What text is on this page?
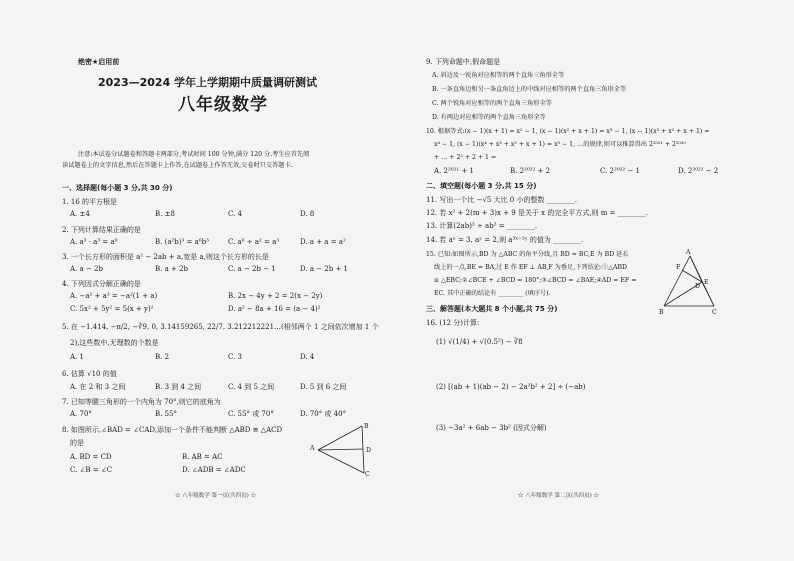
绝密★启用前
2023—2024 学年上学期期中质量调研测试
八年级数学
注意:本试卷分试题卷和答题卡两部分,考试时间 100 分钟,满分 120 分.考生应首先阅
读试题卷上的文字信息,然后在答题卡上作答,在试题卷上作答无效,交卷时只交答题卡.
一、选择题(每小题 3 分,共 30 分)
1. 16 的平方根是
A. ±4	B. ±8	C. 4	D. 8
2. 下列计算结果正确的是
A. a³ · a³ = a⁹	B. (a²b)³ = a⁶b³	C. a⁶ ÷ a² = a³	D. a + a = a²
3. 一个长方形的面积是 a² − 2ab + a,宽是 a,则这个长方形的长是
A. a − 2b	B. a + 2b	C. a − 2b − 1	D. a − 2b + 1
4. 下列因式分解正确的是
A. −a² + a³ = −a²(1 + a)	B. 2x − 4y + 2 = 2(x − 2y)
C. 5x² + 5y² = 5(x + y)²	D. a² − 8a + 16 = (a − 4)²
5. 在 −1.414, −π/2, −∛9, 0, 3.14159265, 22/7, 3.212212221…(相邻两个 1 之间依次增加 1 个
2),这些数中,无理数的个数是
A. 1	B. 2	C. 3	D. 4
6. 估算 √10 的值
A. 在 2 和 3 之间	B. 3 到 4 之间	C. 4 到 5 之间	D. 5 到 6 之间
7. 已知等腰三角形的一个内角为 70°,则它的底角为
A. 70°	B. 55°	C. 55° 或 70°	D. 70° 或 40°
8. 如图所示,∠BAD = ∠CAD,添加一个条件不能判断 △ABD ≌ △ACD
的是
A. BD = CD	B. AB = AC
C. ∠B = ∠C	D. ∠ADB = ∠ADC
A
B
C
D
☆ 八年级数学 第一页(共四页) ☆
9. 下列命题中,假命题是
A. 斜边及一锐角对应相等的两个直角三角形全等
B. 一条直角边和另一条直角边上的中线对应相等的两个直角三角形全等
C. 两个锐角对应相等的两个直角三角形全等
D. 有两边对应相等的两个直角三角形全等
10. 根据等式:(x − 1)(x + 1) = x² − 1, (x − 1)(x² + x + 1) = x³ − 1, (x − 1)(x³ + x² + x + 1) =
x⁴ − 1, (x − 1)(x⁴ + x³ + x² + x + 1) = x⁵ − 1, …的规律,则可以推算得出 2²⁰²¹ + 2²⁰²⁰
+ … + 2² + 2 + 1 =
A. 2²⁰²¹ + 1	B. 2²⁰²² + 2	C. 2²⁰²² − 1	D. 2²⁰²² − 2
二、填空题(每小题 3 分,共 15 分)
11. 写出一个比 −√5 大比 0 小的整数 ________.
12. 若 x² + 2(m + 3)x + 9 是关于 x 的完全平方式,则 m = ________.
13. 计算(2ab)³ ÷ ab² = ________.
14. 若 aˣ = 3, aʸ = 2,则 a³ˣ⁻²ʸ 的值为 ________.
15. 已知:如图所示,BD 为 △ABC 的角平分线,且 BD = BC,E 为 BD 延长
线上的一点,BE = BA,过 E 作 EF ⊥ AB,F 为垂足,下列结论:①△ABD
≌ △EBC;②∠BCE + ∠BCD = 180°;③∠BCD = ∠BAE;④AD = EF =
EC. 其中正确的结论有 ________ (填序号).
A
B	C
D
E
F
三、解答题(本大题共 8 个小题,共 75 分)
16. (12 分)计算:
(1) √(1/4) + √(0.5²) − ∛8
(2) [(ab + 1)(ab − 2) − 2a²b² + 2] ÷ (−ab)
(3) −3a² + 6ab − 3b² (因式分解)
☆ 八年级数学 第二页(共四页) ☆
